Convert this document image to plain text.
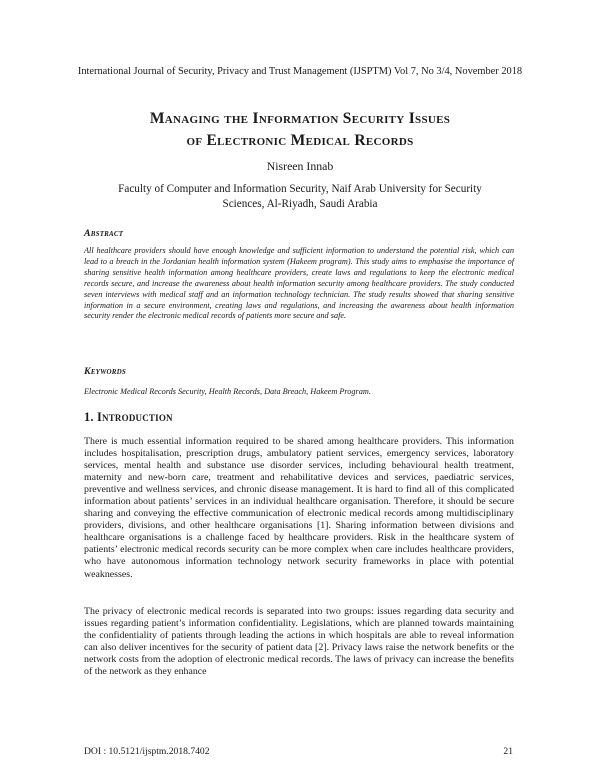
International Journal of Security, Privacy and Trust Management (IJSPTM) Vol 7, No 3/4, November 2018
Managing the Information Security Issues
of Electronic Medical Records
Nisreen Innab
Faculty of Computer and Information Security, Naif Arab University for Security
Sciences, Al-Riyadh, Saudi Arabia
Abstract
All healthcare providers should have enough knowledge and sufficient information to understand the potential risk, which can lead to a breach in the Jordanian health information system (Hakeem program). This study aims to emphasise the importance of sharing sensitive health information among healthcare providers, create laws and regulations to keep the electronic medical records secure, and increase the awareness about health information security among healthcare providers. The study conducted seven interviews with medical staff and an information technology technician. The study results showed that sharing sensitive information in a secure environment, creating laws and regulations, and increasing the awareness about health information security render the electronic medical records of patients more secure and safe.
Keywords
Electronic Medical Records Security, Health Records, Data Breach, Hakeem Program.
1. Introduction
There is much essential information required to be shared among healthcare providers. This information includes hospitalisation, prescription drugs, ambulatory patient services, emergency services, laboratory services, mental health and substance use disorder services, including behavioural health treatment, maternity and new-born care, treatment and rehabilitative devices and services, paediatric services, preventive and wellness services, and chronic disease management. It is hard to find all of this complicated information about patients’ services in an individual healthcare organisation. Therefore, it should be secure sharing and conveying the effective communication of electronic medical records among multidisciplinary providers, divisions, and other healthcare organisations [1]. Sharing information between divisions and healthcare organisations is a challenge faced by healthcare providers. Risk in the healthcare system of patients’ electronic medical records security can be more complex when care includes healthcare providers, who have autonomous information technology network security frameworks in place with potential weaknesses.
The privacy of electronic medical records is separated into two groups: issues regarding data security and issues regarding patient’s information confidentiality. Legislations, which are planned towards maintaining the confidentiality of patients through leading the actions in which hospitals are able to reveal information can also deliver incentives for the security of patient data [2]. Privacy laws raise the network benefits or the network costs from the adoption of electronic medical records. The laws of privacy can increase the benefits of the network as they enhance
DOI : 10.5121/ijsptm.2018.7402	21
